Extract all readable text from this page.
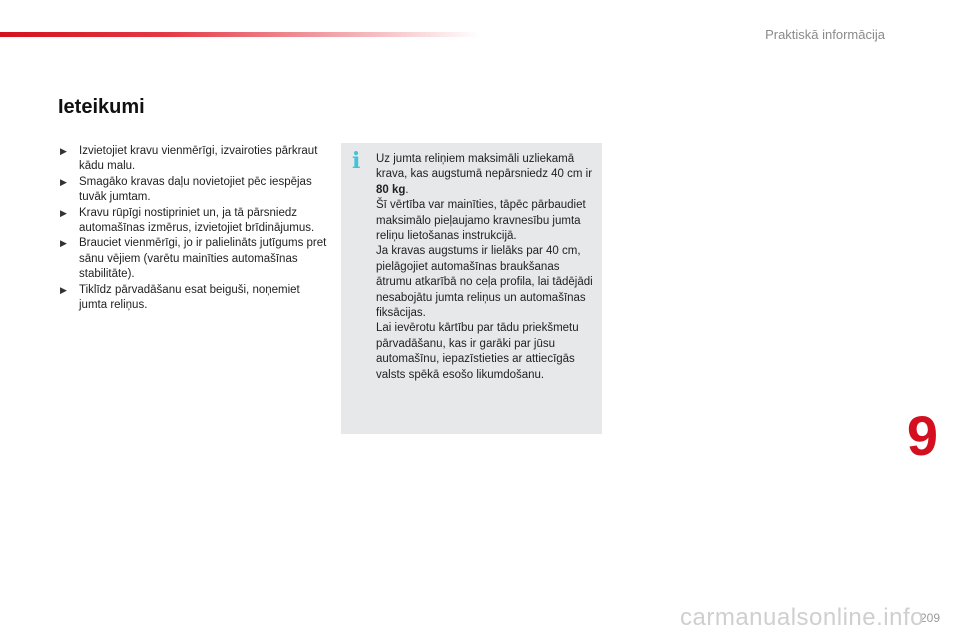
Praktiskā informācija
Ieteikumi
▶ Izvietojiet kravu vienmērīgi, izvairoties pārkraut kādu malu.
▶ Smagāko kravas daļu novietojiet pēc iespējas tuvāk jumtam.
▶ Kravu rūpīgi nostipriniet un, ja tā pārsniedz automašīnas izmērus, izvietojiet brīdinājumus.
▶ Brauciet vienmērīgi, jo ir palielināts jutīgums pret sānu vējiem (varētu mainīties automašīnas stabilitāte).
▶ Tiklīdz pārvadāšanu esat beiguši, noņemiet jumta reliņus.
i Uz jumta reliņiem maksimāli uzliekamā krava, kas augstumā nepārsniedz 40 cm ir 80 kg.

Šī vērtība var mainīties, tāpēc pārbaudiet maksimālo pieļaujamo kravnesību jumta reliņu lietošanas instrukcijā.

Ja kravas augstums ir lielāks par 40 cm, pielāgojiet automašīnas braukšanas ātrumu atkarībā no ceļa profila, lai tādējādi nesabojātu jumta reliņus un automašīnas fiksācijas.

Lai ievērotu kārtību par tādu priekšmetu pārvadāšanu, kas ir garāki par jūsu automašīnu, iepazīstieties ar attiecīgās valsts spēkā esošo likumdošanu.

9
209
carmanualsonline.info
